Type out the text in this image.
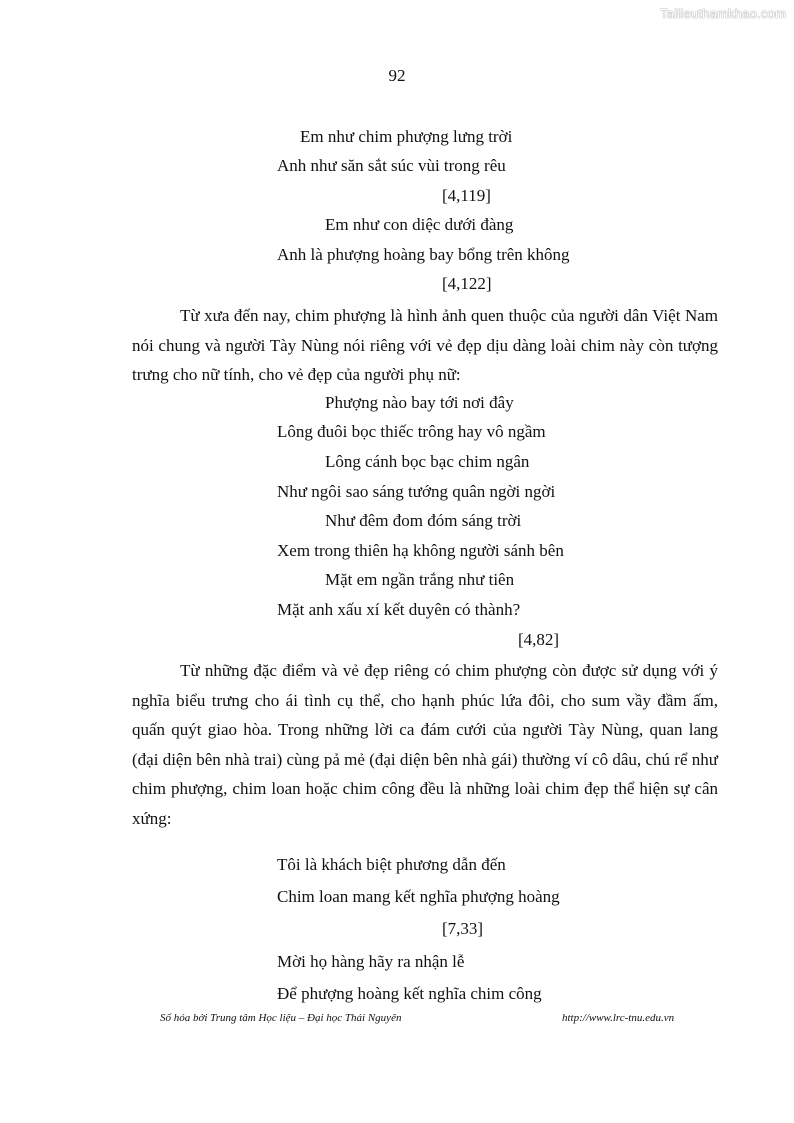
Tailieuthamkhao.com
92
Em như chim phượng lưng trời
Anh như săn sắt súc vùi trong rêu
[4,119]
Em như con diệc dưới đàng
Anh là phượng hoàng bay bổng trên không
[4,122]

Từ xưa đến nay, chim phượng là hình ảnh quen thuộc của người dân Việt Nam nói chung và người Tày Nùng nói riêng với vẻ đẹp dịu dàng loài chim này còn tượng trưng cho nữ tính, cho vẻ đẹp của người phụ nữ:

Phượng nào bay tới nơi đây
Lông đuôi bọc thiếc trông hay vô ngầm
Lông cánh bọc bạc chim ngân
Như ngôi sao sáng tướng quân ngời ngời
Như đêm đom đóm sáng trời
Xem trong thiên hạ không người sánh bên
Mặt em ngần trắng như tiên
Mặt anh xấu xí kết duyên có thành?
[4,82]

Từ những đặc điểm và vẻ đẹp riêng có chim phượng còn được sử dụng với ý nghĩa biểu trưng cho ái tình cụ thể, cho hạnh phúc lứa đôi, cho sum vầy đầm ấm, quấn quýt giao hòa. Trong những lời ca đám cưới của người Tày Nùng, quan lang (đại diện bên nhà trai) cùng pả mẻ (đại diện bên nhà gái) thường ví cô dâu, chú rể như chim phượng, chim loan hoặc chim công đều là những loài chim đẹp thể hiện sự cân xứng:

Tôi là khách biệt phương dẫn đến
Chim loan mang kết nghĩa phượng hoàng
[7,33]
Mời họ hàng hãy ra nhận lễ
Để phượng hoàng kết nghĩa chim công
Số hóa bởi Trung tâm Học liệu – Đại học Thái Nguyên	http://www.lrc-tnu.edu.vn
